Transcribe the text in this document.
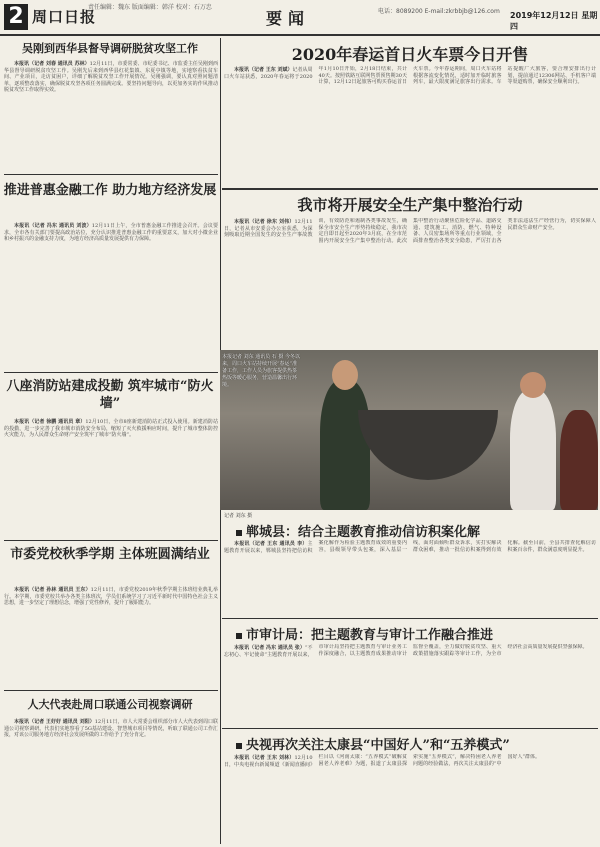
2 周口日报
责任编辑：魏东 版面编辑：韩洋 校对：石万忠
要闻	电话：8089200 E-mail:zkrbbjb@126.com 2019年12月12日 星期四
吴刚到西华县督导调研脱贫攻坚工作

本报讯（记者 刘春 通讯员 苏林）12月11日，市委常委、市纪委书记、市监委主任吴刚到西华县督导调研脱贫攻坚工作。吴刚先后来到西华县红花集镇、东夏亭镇等地，实地察看扶贫车间、产业项目，走访贫困户，详细了解脱贫攻坚工作开展情况。吴刚强调，要认真对照问题清单，逐项整改落实，确保脱贫攻坚各项任务圆满完成。要坚持问题导向，以更加务实的作风推动脱贫攻坚工作取得实效。

推进普惠金融工作 助力地方经济发展

本报讯（记者 冯东 通讯员 刘波）12月11日上午，全市普惠金融工作推进会召开。会议要求，全市各有关部门要提高政治站位，充分认识推进普惠金融工作的重要意义，加大对小微企业和乡村振兴的金融支持力度，为地方经济高质量发展提供有力保障。

八座消防站建成投勤 筑牢城市“防火墙”

本报讯（记者 徐鹏 通讯员 章）12月10日，全市8座新建消防站正式投入使用。新建消防站的投勤，进一步完善了我市城市消防安全布局，缩短了灭火救援响应时间，提升了城市整体防控火灾能力，为人民群众生命财产安全筑牢了城市“防火墙”。

市委党校秋季学期 主体班圆满结业

本报讯（记者 孙林 通讯员 王东）12月11日，市委党校2019年秋季学期主体班结业典礼举行。本学期，市委党校共举办各类主体班次，学员们系统学习了习近平新时代中国特色社会主义思想，进一步坚定了理想信念，增强了党性修养，提升了履职能力。

人大代表赴周口联通公司视察调研

本报讯（记者 王好好 通讯员 刘阳）12月11日，市人大常委会组织部分市人大代表到周口联通公司视察调研。代表们实地察看了5G基站建设、智慧城市项目等情况，听取了联通公司工作汇报，对该公司服务地方经济社会发展所做的工作给予了充分肯定。

2020年春运首日火车票今日开售

本报讯（记者 王东 刘斌）记者从周口火车站获悉，2020年春运将于2020年1月10日开始，2月18日结束，共计40天。按照铁路互联网售票预售期30天计算，12月12日起旅客可购买春运首日火车票。今年春运期间，周口火车站将根据客流变化情况，适时加开临时旅客列车，最大限度满足旅客出行需求。车站提醒广大旅客，要合理安排出行计划，提前通过12306网站、手机客户端等渠道购票，确保安全顺利出行。

我市将开展安全生产集中整治行动

本报讯（记者 徐东 刘伟）12月11日，记者从市安委会办公室获悉，为深刻吸取近期全国发生的安全生产事故教训，有效防范和遏制各类事故发生，确保全市安全生产形势持续稳定，我市决定自即日起至2020年3月底，在全市范围内开展安全生产集中整治行动。此次集中整治行动聚焦危险化学品、道路交通、建筑施工、消防、燃气、特种设备、人员密集场所等重点行业领域，全面排查整治各类安全隐患，严厉打击各类非法违法生产经营行为，切实保障人民群众生命财产安全。

本报记者 刘东 通讯员 石 摄 今冬以来，周口火车站持续开展“春运”准备工作，工作人员为旅客提供热茶热饭等暖心服务，营造温馨出行环境。
记者 刘东 摄
郸城县：结合主题教育推动信访积案化解

本报讯（记者 王东 通讯员 李）主题教育开展以来，郸城县坚持把信访积案化解作为检验主题教育成效的重要内容，县级领导带头包案，深入基层一线，面对面倾听群众诉求，实打实解决群众困难，推动一批信访积案得到有效化解。截至目前，全县共排查化解信访积案百余件，群众满意度明显提升。

市审计局：把主题教育与审计工作融合推进

本报讯（记者 冯东 通讯员 张）“不忘初心、牢记使命”主题教育开展以来，市审计局坚持把主题教育与审计业务工作深度融合，以主题教育成果推动审计监督全覆盖，全力做好脱贫攻坚、重大政策措施落实跟踪等审计工作，为全市经济社会高质量发展提供坚强保障。

央视再次关注太康县“中国好人”和“五养模式”

本报讯（记者 王东 刘林）12月10日，中央电视台新闻频道《新闻直播间》栏目以《河南太康：“五养模式”破解贫困老人养老难》为题，报道了太康县探索实施“五养模式”，解决特困老人养老问题的经验做法，再次关注太康县的“中国好人”群体。
